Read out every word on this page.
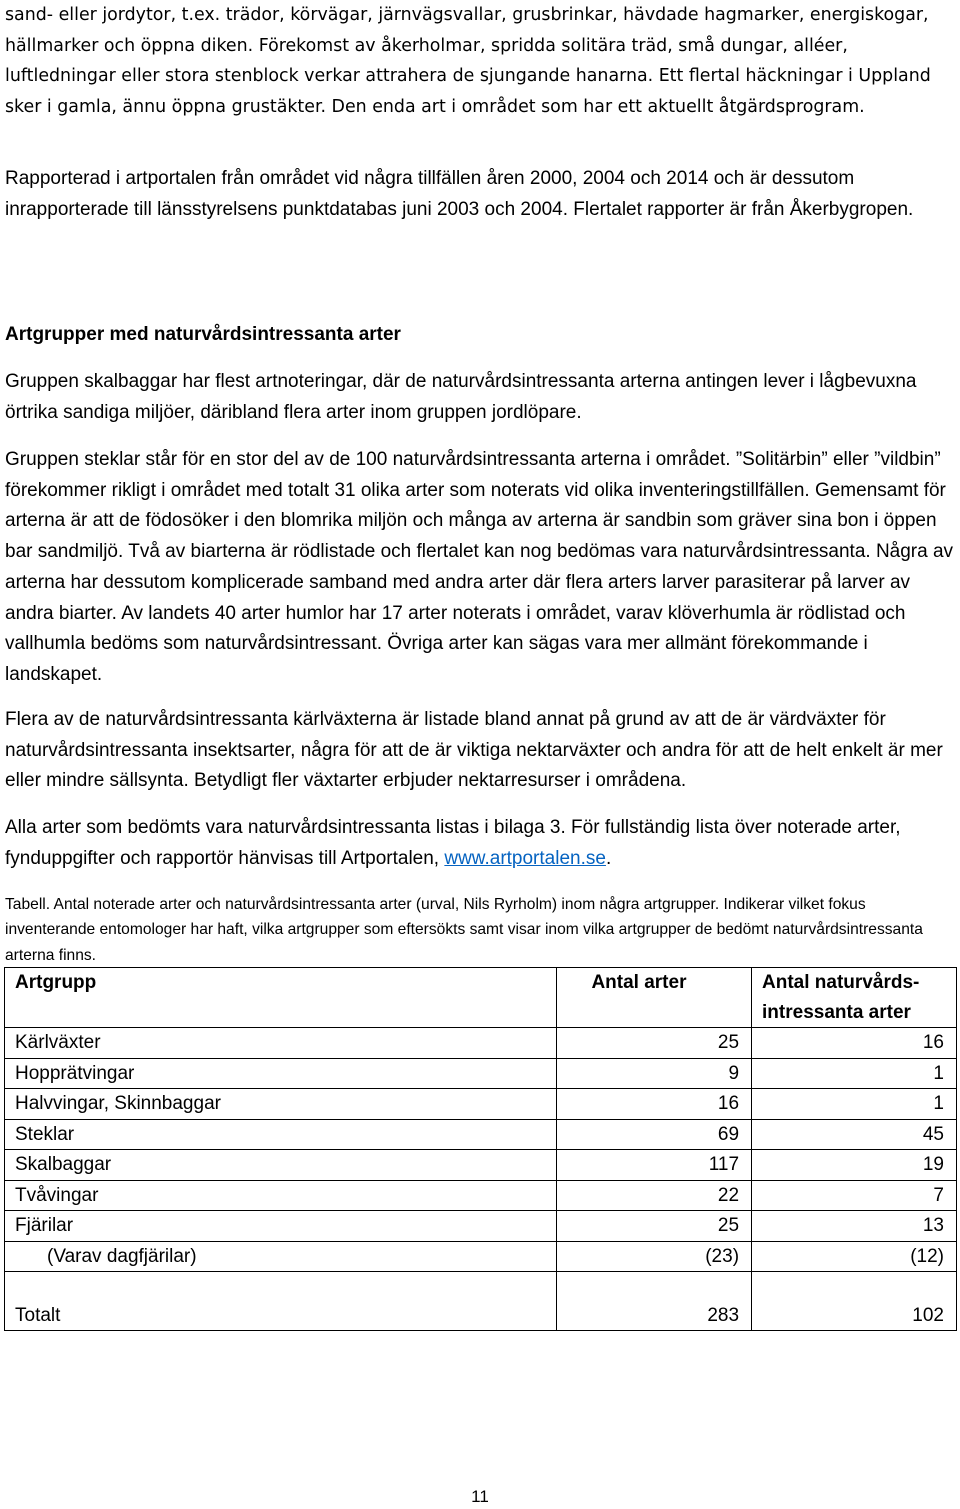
sand- eller jordytor, t.ex. trädor, körvägar, järnvägsvallar, grusbrinkar, hävdade hagmarker, energiskogar, hällmarker och öppna diken. Förekomst av åkerholmar, spridda solitära träd, små dungar, alléer, luftledningar eller stora stenblock verkar attrahera de sjungande hanarna. Ett flertal häckningar i Uppland sker i gamla, ännu öppna grustäkter. Den enda art i området som har ett aktuellt åtgärdsprogram.

Rapporterad i artportalen från området vid några tillfällen åren 2000, 2004 och 2014 och är dessutom inrapporterade till länsstyrelsens punktdatabas juni 2003 och 2004. Flertalet rapporter är från Åkerbygropen.

Artgrupper med naturvårdsintressanta arter

Gruppen skalbaggar har flest artnoteringar, där de naturvårdsintressanta arterna antingen lever i lågbevuxna örtrika sandiga miljöer, däribland flera arter inom gruppen jordlöpare.

Gruppen steklar står för en stor del av de 100 naturvårdsintressanta arterna i området. ”Solitärbin” eller ”vildbin” förekommer rikligt i området med totalt 31 olika arter som noterats vid olika inventeringstillfällen. Gemensamt för arterna är att de födosöker i den blomrika miljön och många av arterna är sandbin som gräver sina bon i öppen bar sandmiljö. Två av biarterna är rödlistade och flertalet kan nog bedömas vara naturvårdsintressanta. Några av arterna har dessutom komplicerade samband med andra arter där flera arters larver parasiterar på larver av andra biarter. Av landets 40 arter humlor har 17 arter noterats i området, varav klöverhumla är rödlistad och vallhumla bedöms som naturvårdsintressant. Övriga arter kan sägas vara mer allmänt förekommande i landskapet.

Flera av de naturvårdsintressanta kärlväxterna är listade bland annat på grund av att de är värdväxter för naturvårdsintressanta insektsarter, några för att de är viktiga nektarväxter och andra för att de helt enkelt är mer eller mindre sällsynta. Betydligt fler växtarter erbjuder nektarresurser i områdena.

Alla arter som bedömts vara naturvårdsintressanta listas i bilaga 3. För fullständig lista över noterade arter, fynduppgifter och rapportör hänvisas till Artportalen, www.artportalen.se.

Tabell. Antal noterade arter och naturvårdsintressanta arter (urval, Nils Ryrholm) inom några artgrupper. Indikerar vilket fokus inventerande entomologer har haft, vilka artgrupper som eftersökts samt visar inom vilka artgrupper de bedömt naturvårdsintressanta arterna finns.

Artgrupp	Antal arter	Antal naturvårds-
intressanta arter
Kärlväxter	25	16
Hopprätvingar	9	1
Halvvingar, Skinnbaggar	16	1
Steklar	69	45
Skalbaggar	117	19
Tvåvingar	22	7
Fjärilar	25	13
(Varav dagfjärilar)	(23)	(12)
Totalt	283	102
11
